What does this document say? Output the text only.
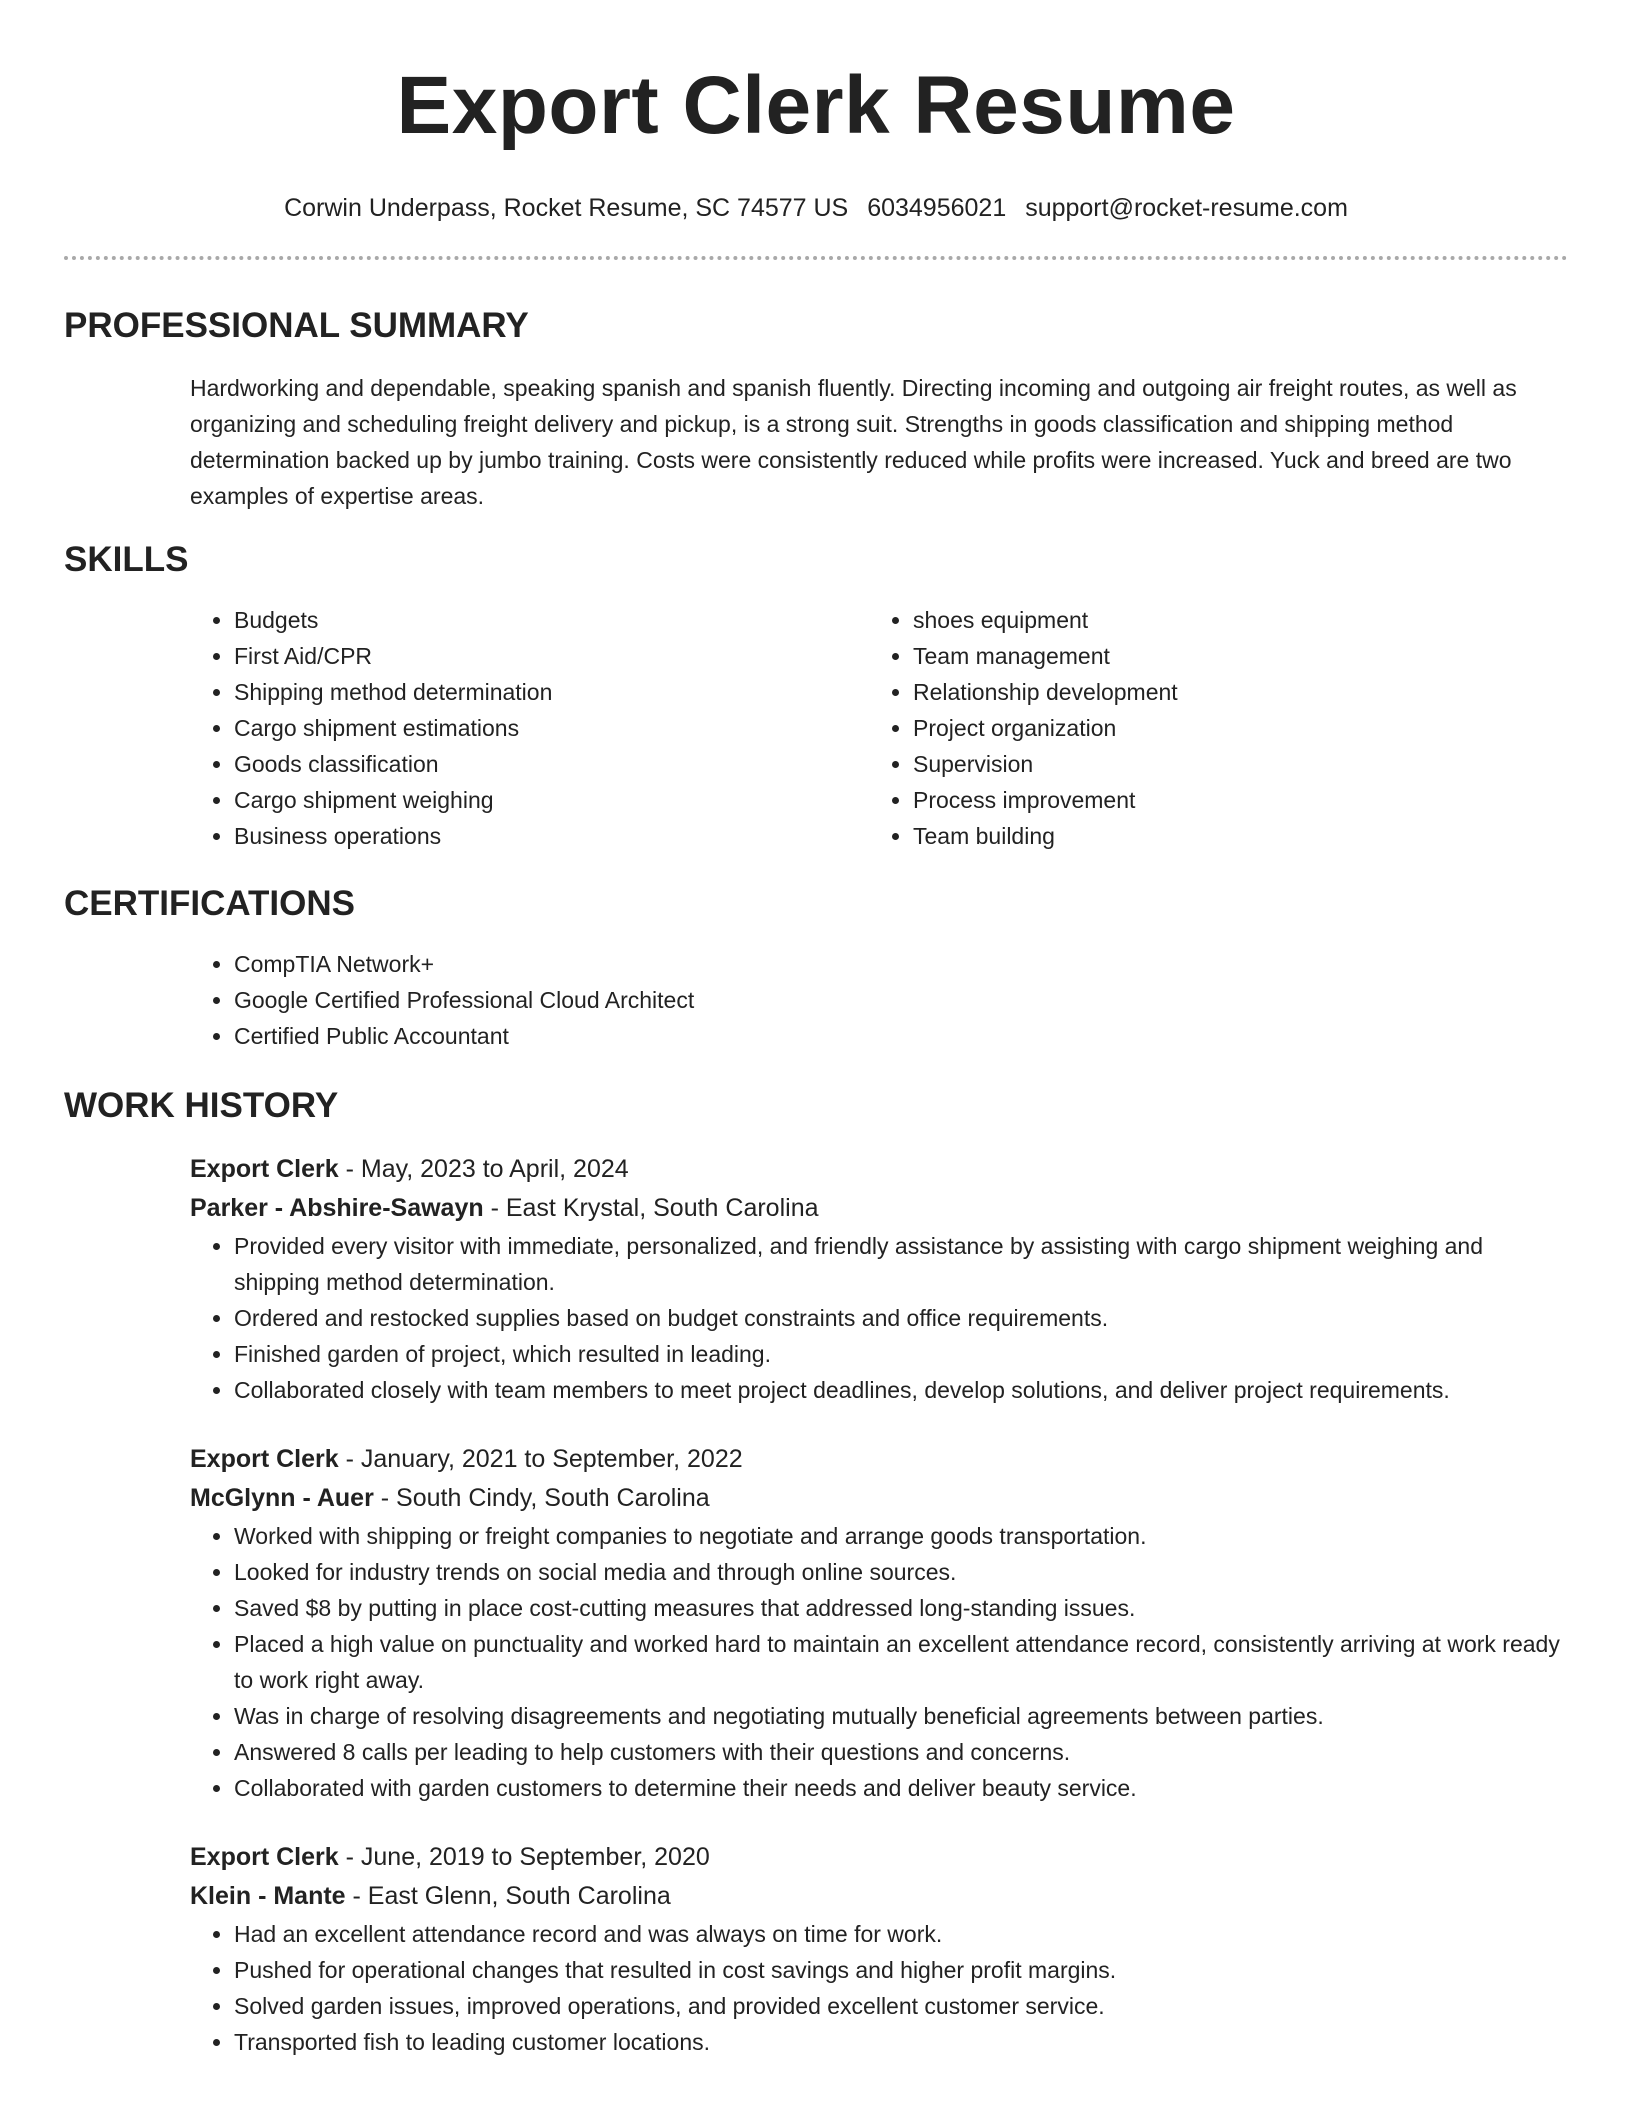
Export Clerk Resume
Corwin Underpass, Rocket Resume, SC 74577 US 6034956021 support@rocket-resume.com
PROFESSIONAL SUMMARY

Hardworking and dependable, speaking spanish and spanish fluently. Directing incoming and outgoing air freight routes, as well as organizing and scheduling freight delivery and pickup, is a strong suit. Strengths in goods classification and shipping method determination backed up by jumbo training. Costs were consistently reduced while profits were increased. Yuck and breed are two examples of expertise areas.

SKILLS
• Budgets
• First Aid/CPR
• Shipping method determination
• Cargo shipment estimations
• Goods classification
• Cargo shipment weighing
• Business operations
• shoes equipment
• Team management
• Relationship development
• Project organization
• Supervision
• Process improvement
• Team building
CERTIFICATIONS
• CompTIA Network+
• Google Certified Professional Cloud Architect
• Certified Public Accountant
WORK HISTORY
Export Clerk - May, 2023 to April, 2024
Parker - Abshire-Sawayn - East Krystal, South Carolina
• Provided every visitor with immediate, personalized, and friendly assistance by assisting with cargo shipment weighing and shipping method determination.
• Ordered and restocked supplies based on budget constraints and office requirements.
• Finished garden of project, which resulted in leading.
• Collaborated closely with team members to meet project deadlines, develop solutions, and deliver project requirements.
Export Clerk - January, 2021 to September, 2022
McGlynn - Auer - South Cindy, South Carolina
• Worked with shipping or freight companies to negotiate and arrange goods transportation.
• Looked for industry trends on social media and through online sources.
• Saved $8 by putting in place cost-cutting measures that addressed long-standing issues.
• Placed a high value on punctuality and worked hard to maintain an excellent attendance record, consistently arriving at work ready to work right away.
• Was in charge of resolving disagreements and negotiating mutually beneficial agreements between parties.
• Answered 8 calls per leading to help customers with their questions and concerns.
• Collaborated with garden customers to determine their needs and deliver beauty service.
Export Clerk - June, 2019 to September, 2020
Klein - Mante - East Glenn, South Carolina
• Had an excellent attendance record and was always on time for work.
• Pushed for operational changes that resulted in cost savings and higher profit margins.
• Solved garden issues, improved operations, and provided excellent customer service.
• Transported fish to leading customer locations.
